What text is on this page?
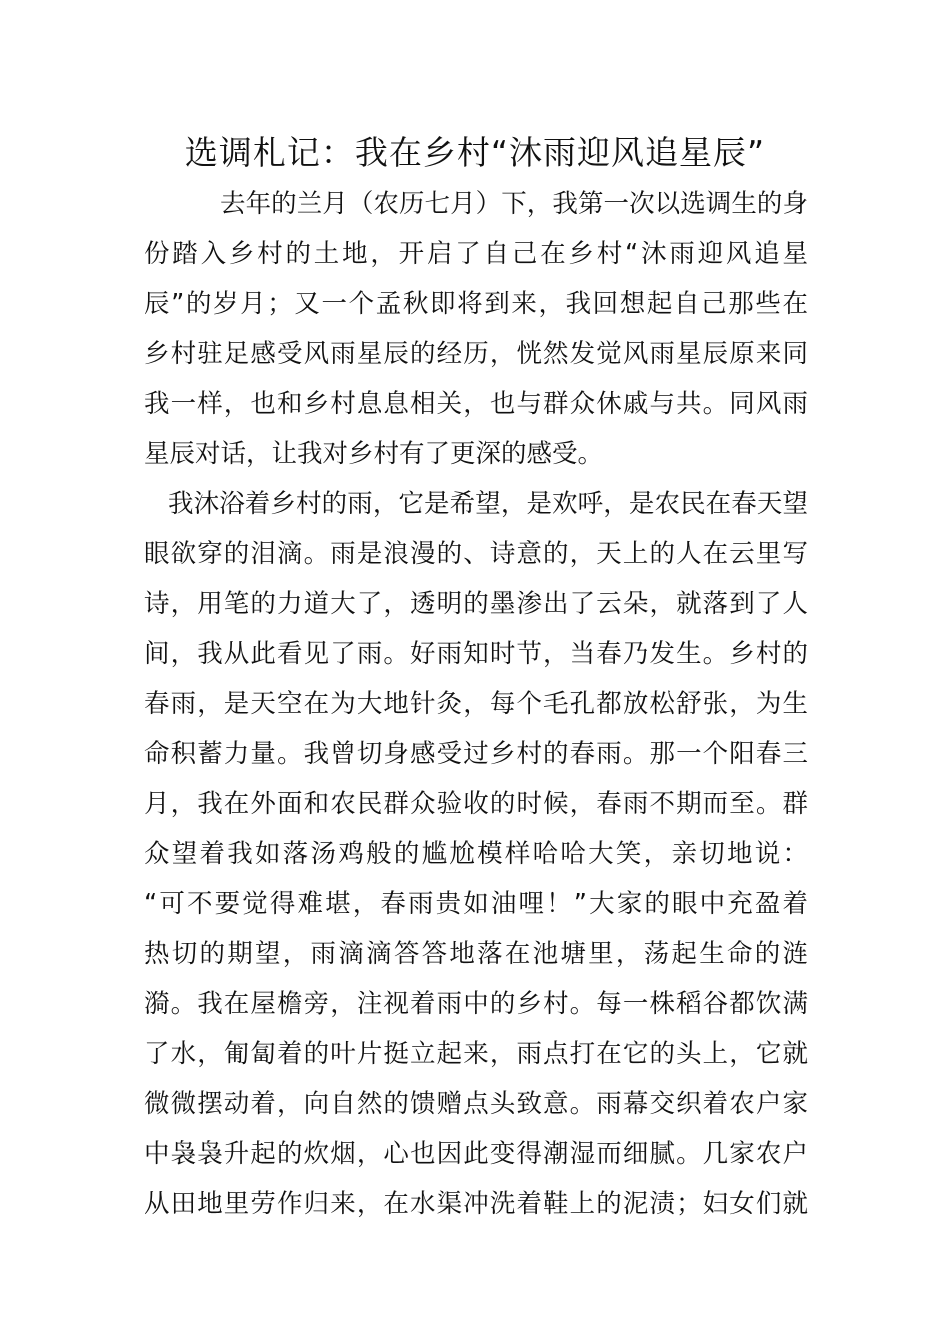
选调札记：我在乡村“沐雨迎风追星辰”
去年的兰月（农历七月）下，我第一次以选调生的身
份踏入乡村的土地，开启了自己在乡村“沐雨迎风追星
辰”的岁月；又一个孟秋即将到来，我回想起自己那些在
乡村驻足感受风雨星辰的经历，恍然发觉风雨星辰原来同
我一样，也和乡村息息相关，也与群众休戚与共。同风雨
星辰对话，让我对乡村有了更深的感受。
我沐浴着乡村的雨，它是希望，是欢呼，是农民在春天望
眼欲穿的泪滴。雨是浪漫的、诗意的，天上的人在云里写
诗，用笔的力道大了，透明的墨渗出了云朵，就落到了人
间，我从此看见了雨。好雨知时节，当春乃发生。乡村的
春雨，是天空在为大地针灸，每个毛孔都放松舒张，为生
命积蓄力量。我曾切身感受过乡村的春雨。那一个阳春三
月，我在外面和农民群众验收的时候，春雨不期而至。群
众望着我如落汤鸡般的尴尬模样哈哈大笑，亲切地说：
“可不要觉得难堪，春雨贵如油哩！”大家的眼中充盈着
热切的期望，雨滴滴答答地落在池塘里，荡起生命的涟
漪。我在屋檐旁，注视着雨中的乡村。每一株稻谷都饮满
了水，匍匐着的叶片挺立起来，雨点打在它的头上，它就
微微摆动着，向自然的馈赠点头致意。雨幕交织着农户家
中袅袅升起的炊烟，心也因此变得潮湿而细腻。几家农户
从田地里劳作归来，在水渠冲洗着鞋上的泥渍；妇女们就
